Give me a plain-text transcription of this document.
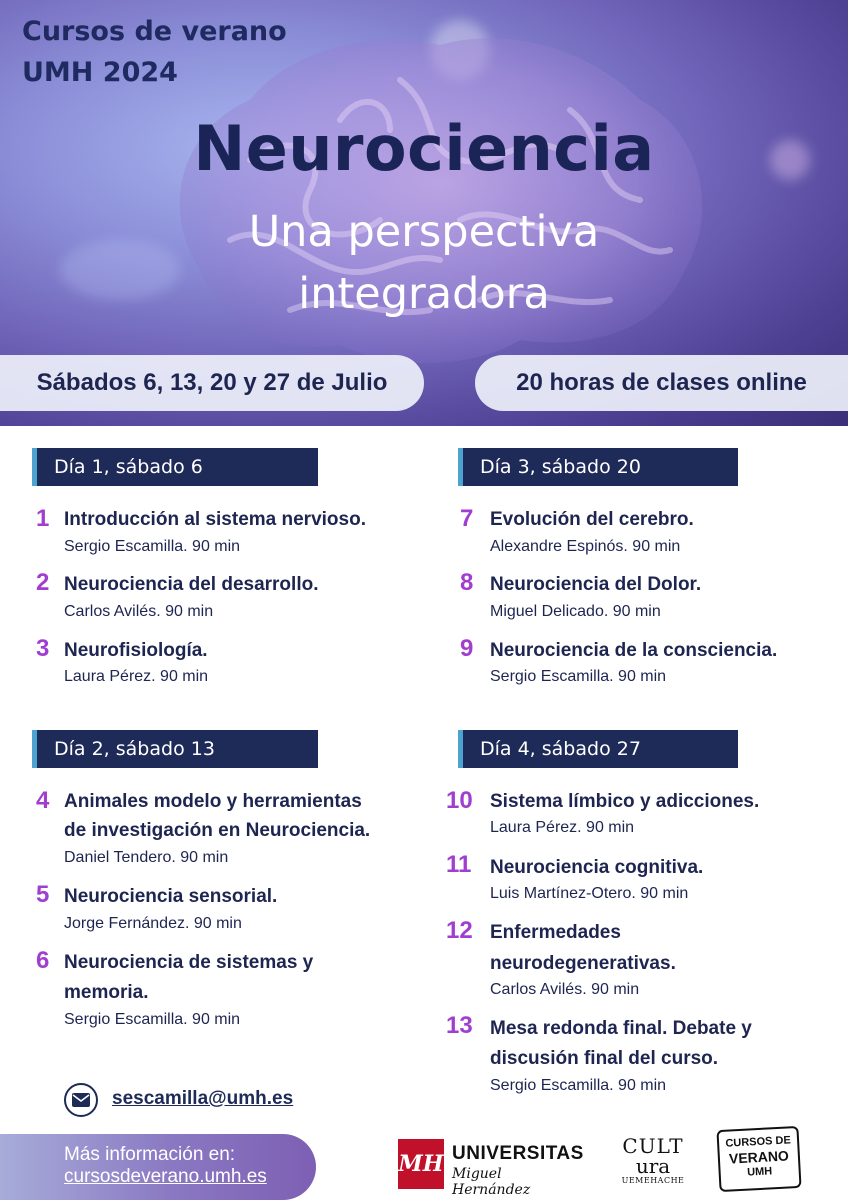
Cursos de verano
UMH 2024
Neurociencia
Una perspectiva
integradora
Sábados 6, 13, 20 y 27 de Julio	20 horas de clases online
Día 1, sábado 6
1 Introducción al sistema nervioso.
Sergio Escamilla. 90 min
2 Neurociencia del desarrollo.
Carlos Avilés. 90 min
3 Neurofisiología.
Laura Pérez. 90 min
Día 2, sábado 13
4 Animales modelo y herramientas
de investigación en Neurociencia.
Daniel Tendero. 90 min
5 Neurociencia sensorial.
Jorge Fernández. 90 min
6 Neurociencia de sistemas y
memoria.
Sergio Escamilla. 90 min
Día 3, sábado 20
7 Evolución del cerebro.
Alexandre Espinós. 90 min
8 Neurociencia del Dolor.
Miguel Delicado. 90 min
9 Neurociencia de la consciencia.
Sergio Escamilla. 90 min
Día 4, sábado 27
10 Sistema límbico y adicciones.
Laura Pérez. 90 min
11 Neurociencia cognitiva.
Luis Martínez-Otero. 90 min
12 Enfermedades
neurodegenerativas.
Carlos Avilés. 90 min
13 Mesa redonda final. Debate y
discusión final del curso.
Sergio Escamilla. 90 min
sescamilla@umh.es
Más información en:
cursosdeverano.umh.es	MH UNIVERSITAS
Miguel Hernández
CULT
ura
UEMEHACHE
CURSOS DE
VERANO
UMH
